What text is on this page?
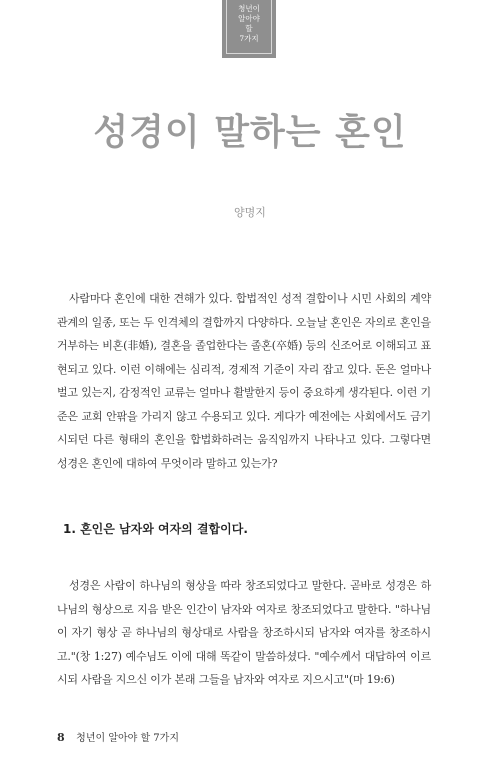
청년이
알아야
할
7가지
성경이 말하는 혼인
양명지

사람마다 혼인에 대한 견해가 있다. 합법적인 성적 결합이나 시민 사회의 계약 관계의 일종, 또는 두 인격체의 결합까지 다양하다. 오늘날 혼인은 자의로 혼인을 거부하는 비혼(非婚), 결혼을 졸업한다는 졸혼(卒婚) 등의 신조어로 이해되고 표현되고 있다. 이런 이해에는 심리적, 경제적 기준이 자리 잡고 있다. 돈은 얼마나 벌고 있는지, 감정적인 교류는 얼마나 활발한지 등이 중요하게 생각된다. 이런 기준은 교회 안팎을 가리지 않고 수용되고 있다. 게다가 예전에는 사회에서도 금기시되던 다른 형태의 혼인을 합법화하려는 움직임까지 나타나고 있다. 그렇다면 성경은 혼인에 대하여 무엇이라 말하고 있는가?

1. 혼인은 남자와 여자의 결합이다.

성경은 사람이 하나님의 형상을 따라 창조되었다고 말한다. 곧바로 성경은 하나님의 형상으로 지음 받은 인간이 남자와 여자로 창조되었다고 말한다. "하나님이 자기 형상 곧 하나님의 형상대로 사람을 창조하시되 남자와 여자를 창조하시고."(창 1:27) 예수님도 이에 대해 똑같이 말씀하셨다. "예수께서 대답하여 이르시되 사람을 지으신 이가 본래 그들을 남자와 여자로 지으시고"(마 19:6)

8 청년이 알아야 할 7가지
